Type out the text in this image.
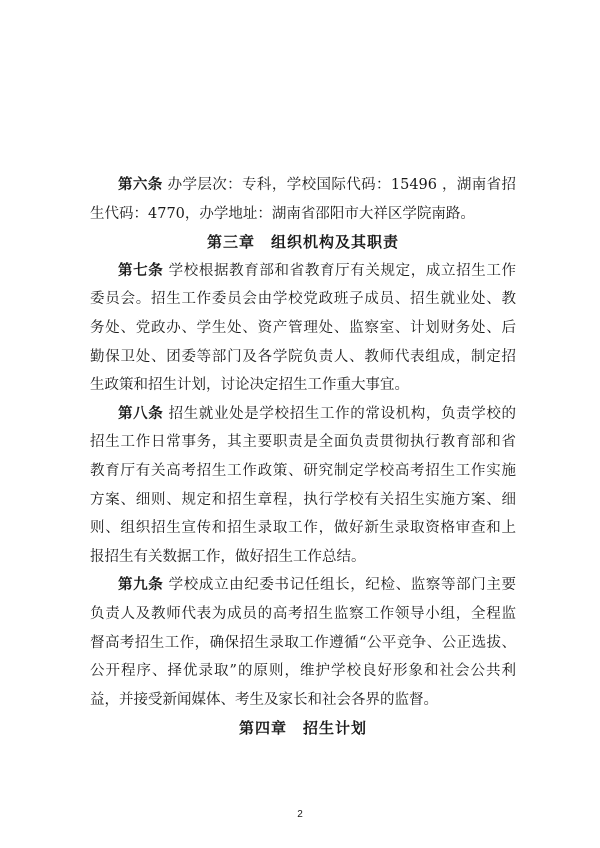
第六条 办学层次：专科，学校国际代码：15496 ，湖南省招
生代码：4770，办学地址：湖南省邵阳市大祥区学院南路。
第三章　组织机构及其职责
第七条 学校根据教育部和省教育厅有关规定，成立招生工作
委员会。招生工作委员会由学校党政班子成员、招生就业处、教
务处、党政办、学生处、资产管理处、监察室、计划财务处、后
勤保卫处、团委等部门及各学院负责人、教师代表组成，制定招
生政策和招生计划，讨论决定招生工作重大事宜。
第八条 招生就业处是学校招生工作的常设机构，负责学校的
招生工作日常事务，其主要职责是全面负责贯彻执行教育部和省
教育厅有关高考招生工作政策、研究制定学校高考招生工作实施
方案、细则、规定和招生章程，执行学校有关招生实施方案、细
则、组织招生宣传和招生录取工作，做好新生录取资格审查和上
报招生有关数据工作，做好招生工作总结。
第九条 学校成立由纪委书记任组长，纪检、监察等部门主要
负责人及教师代表为成员的高考招生监察工作领导小组，全程监
督高考招生工作，确保招生录取工作遵循“公平竞争、公正选拔、
公开程序、择优录取”的原则，维护学校良好形象和社会公共利
益，并接受新闻媒体、考生及家长和社会各界的监督。
第四章　招生计划
2
